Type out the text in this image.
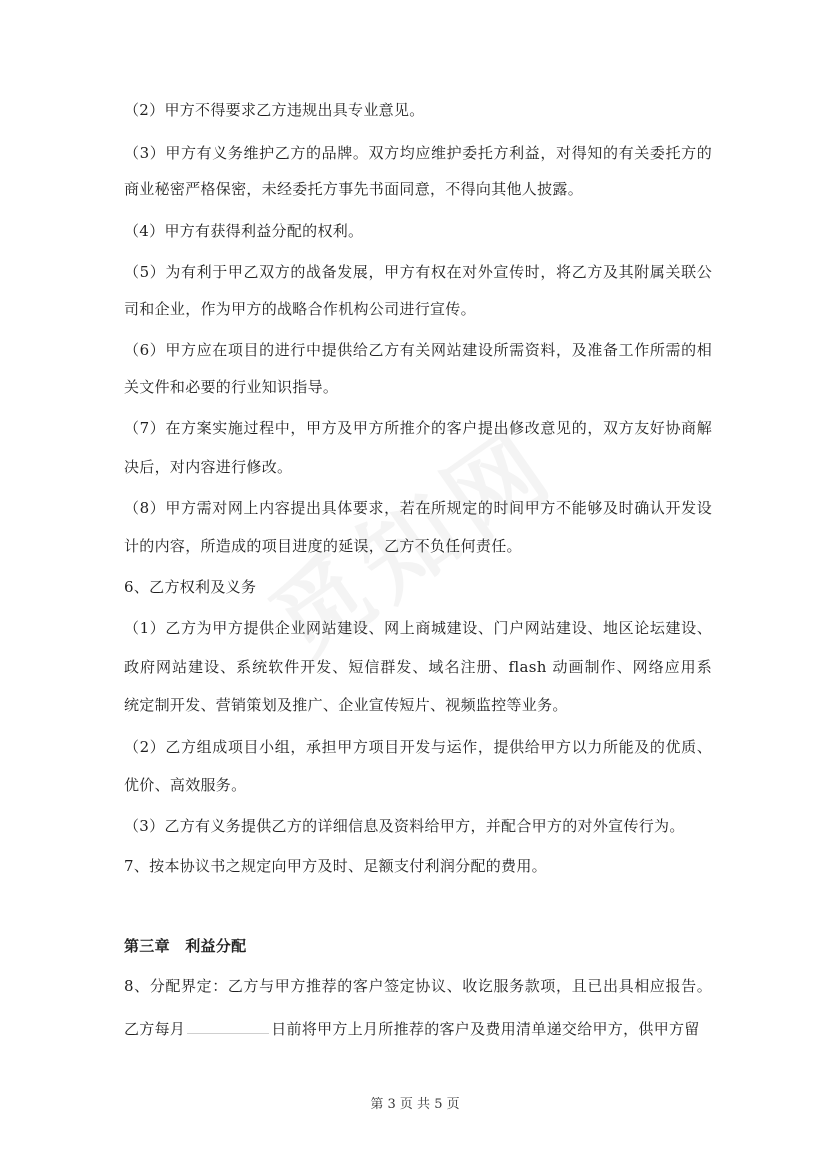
（2）甲方不得要求乙方违规出具专业意见。
（3）甲方有义务维护乙方的品牌。双方均应维护委托方利益，对得知的有关委托方的
商业秘密严格保密，未经委托方事先书面同意，不得向其他人披露。
（4）甲方有获得利益分配的权利。
（5）为有利于甲乙双方的战备发展，甲方有权在对外宣传时，将乙方及其附属关联公
司和企业，作为甲方的战略合作机构公司进行宣传。
（6）甲方应在项目的进行中提供给乙方有关网站建设所需资料，及准备工作所需的相
关文件和必要的行业知识指导。
（7）在方案实施过程中，甲方及甲方所推介的客户提出修改意见的，双方友好协商解
决后，对内容进行修改。
（8）甲方需对网上内容提出具体要求，若在所规定的时间甲方不能够及时确认开发设
计的内容，所造成的项目进度的延误，乙方不负任何责任。
6、乙方权利及义务
（1）乙方为甲方提供企业网站建设、网上商城建设、门户网站建设、地区论坛建设、
政府网站建设、系统软件开发、短信群发、域名注册、flash 动画制作、网络应用系
统定制开发、营销策划及推广、企业宣传短片、视频监控等业务。
（2）乙方组成项目小组，承担甲方项目开发与运作，提供给甲方以力所能及的优质、
优价、高效服务。
（3）乙方有义务提供乙方的详细信息及资料给甲方，并配合甲方的对外宣传行为。
7、按本协议书之规定向甲方及时、足额支付利润分配的费用。
第三章　利益分配
8、分配界定：乙方与甲方推荐的客户签定协议、收讫服务款项，且已出具相应报告。
乙方每月	日前将甲方上月所推荐的客户及费用清单递交给甲方，供甲方留
第 3 页 共 5 页
